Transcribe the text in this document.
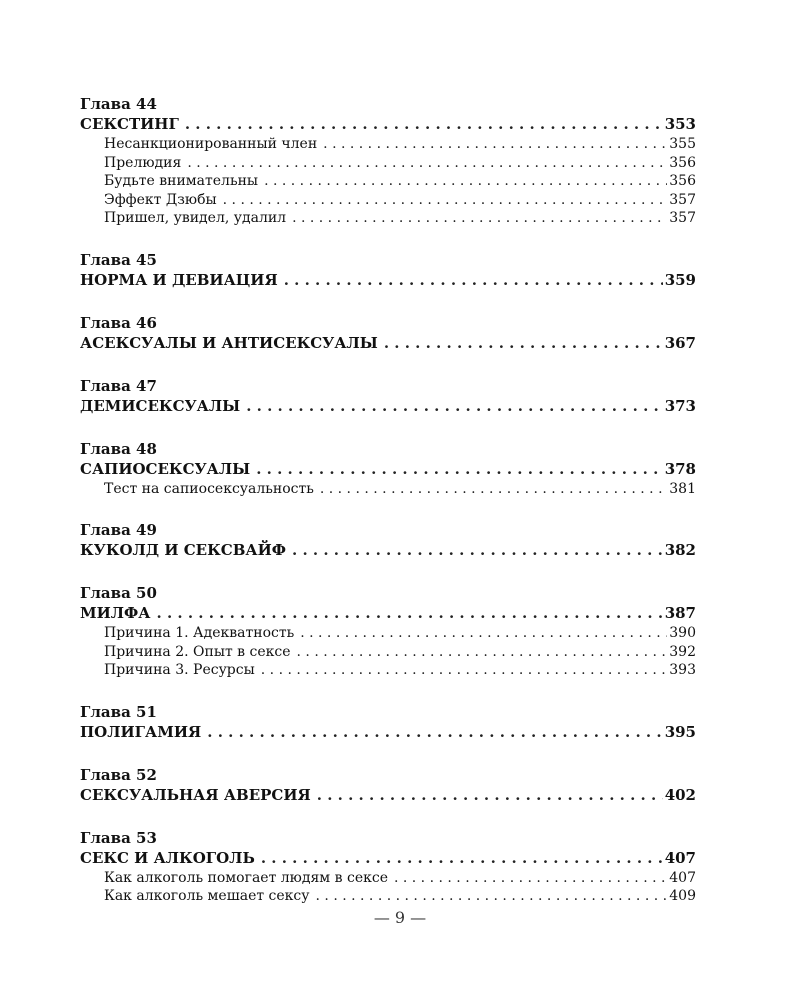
Глава 44
СЕКСТИНГ . . .	353
Несанкционированный член . . .	355
Прелюдия . . .	356
Будьте внимательны . . .	356
Эффект Дзюбы . . .	357
Пришел, увидел, удалил . . .	357
Глава 45
НОРМА И ДЕВИАЦИЯ . . .	359
Глава 46
АСЕКСУАЛЫ И АНТИСЕКСУАЛЫ . . .	367
Глава 47
ДЕМИСЕКСУАЛЫ . . .	373
Глава 48
САПИОСЕКСУАЛЫ . . .	378
Тест на сапиосексуальность . . .	381
Глава 49
КУКОЛД И СЕКСВАЙФ . . .	382
Глава 50
МИЛФА . . .	387
Причина 1. Адекватность . . .	390
Причина 2. Опыт в сексе . . .	392
Причина 3. Ресурсы . . .	393
Глава 51
ПОЛИГАМИЯ . . .	395
Глава 52
СЕКСУАЛЬНАЯ АВЕРСИЯ . . .	402
Глава 53
СЕКС И АЛКОГОЛЬ . . .	407
Как алкоголь помогает людям в сексе . . .	407
Как алкоголь мешает сексу . . .	409
— 9 —
